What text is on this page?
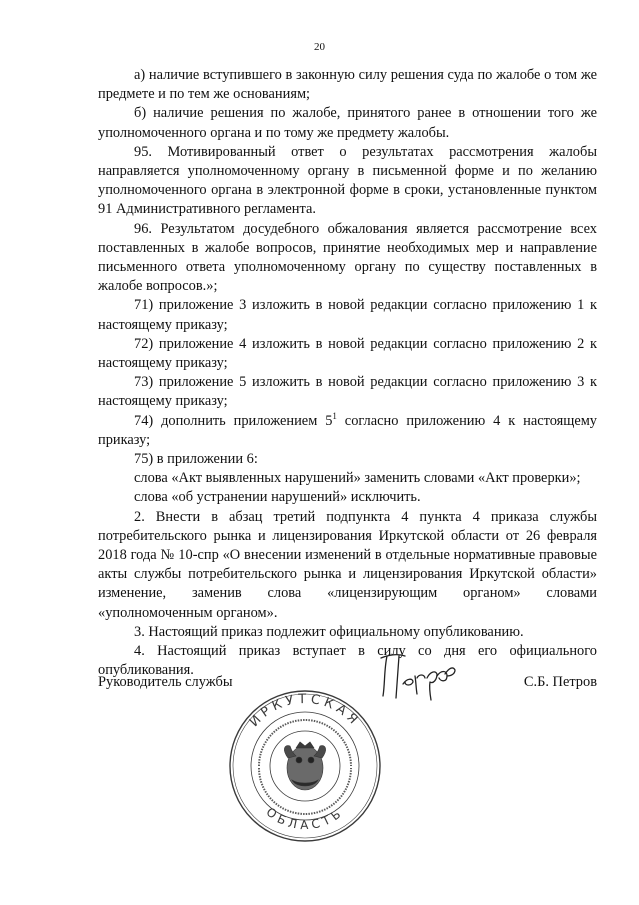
20

а) наличие вступившего в законную силу решения суда по жалобе о том же предмете и по тем же основаниям;

б) наличие решения по жалобе, принятого ранее в отношении того же уполномоченного органа и по тому же предмету жалобы.

95. Мотивированный ответ о результатах рассмотрения жалобы направляется уполномоченному органу в письменной форме и по желанию уполномоченного органа в электронной форме в сроки, установленные пунктом 91 Административного регламента.

96. Результатом досудебного обжалования является рассмотрение всех поставленных в жалобе вопросов, принятие необходимых мер и направление письменного ответа уполномоченному органу по существу поставленных в жалобе вопросов.»;

71) приложение 3 изложить в новой редакции согласно приложению 1 к настоящему приказу;

72) приложение 4 изложить в новой редакции согласно приложению 2 к настоящему приказу;

73) приложение 5 изложить в новой редакции согласно приложению 3 к настоящему приказу;

74) дополнить приложением $5^1$ согласно приложению 4 к настоящему приказу;

75) в приложении 6:

слова «Акт выявленных нарушений» заменить словами «Акт проверки»;

слова «об устранении нарушений» исключить.

2. Внести в абзац третий подпункта 4 пункта 4 приказа службы потребительского рынка и лицензирования Иркутской области от 26 февраля 2018 года № 10-спр «О внесении изменений в отдельные нормативные правовые акты службы потребительского рынка и лицензирования Иркутской области» изменение, заменив слова «лицензирующим органом» словами «уполномоченным органом».

3. Настоящий приказ подлежит официальному опубликованию.

4. Настоящий приказ вступает в силу со дня его официального опубликования.

Руководитель службы	С.Б. Петров
ИРКУТСКАЯ
ОБЛАСТЬ
